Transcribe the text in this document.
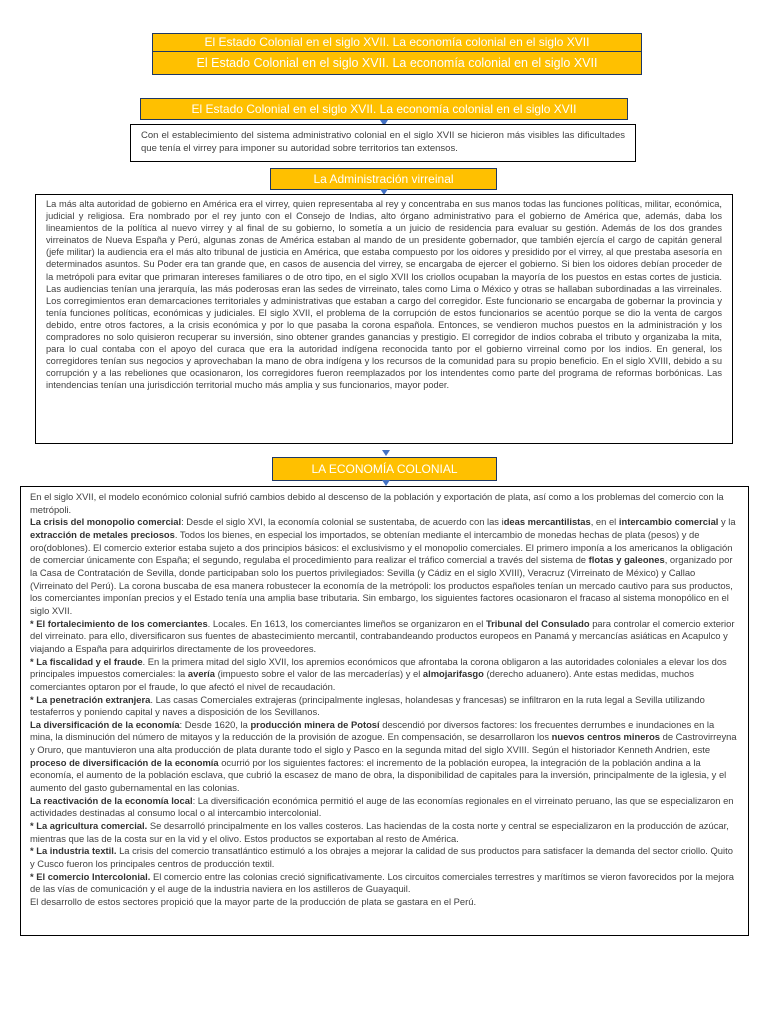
El Estado Colonial en el siglo XVII. La economía colonial en el siglo XVII
El Estado Colonial en el siglo XVII. La economía colonial en el siglo XVII
El Estado Colonial en el siglo XVII. La economía colonial en el siglo XVII

Con el establecimiento del sistema administrativo colonial en el siglo XVII se hicieron más visibles las dificultades que tenía el virrey para imponer su autoridad sobre territorios tan extensos.

La Administración virreinal

La más alta autoridad de gobierno en América era el virrey, quien representaba al rey y concentraba en sus manos todas las funciones políticas, militar, económica, judicial y religiosa. Era nombrado por el rey junto con el Consejo de Indias, alto órgano administrativo para el gobierno de América que, además, daba los lineamientos de la política al nuevo virrey y al final de su gobierno, lo sometía a un juicio de residencia para evaluar su gestión. Además de los dos grandes virreinatos de Nueva España y Perú, algunas zonas de América estaban al mando de un presidente gobernador, que también ejercía el cargo de capitán general (jefe militar) la audiencia era el más alto tribunal de justicia en América, que estaba compuesto por los oidores y presidido por el virrey, al que prestaba asesoría en determinados asuntos. Su Poder era tan grande que, en casos de ausencia del virrey, se encargaba de ejercer el gobierno. Si bien los oidores debían proceder de la metrópoli para evitar que primaran intereses familiares o de otro tipo, en el siglo XVII los criollos ocupaban la mayoría de los puestos en estas cortes de justicia. Las audiencias tenían una jerarquía, las más poderosas eran las sedes de virreinato, tales como Lima o México y otras se hallaban subordinadas a las virreinales. Los corregimientos eran demarcaciones territoriales y administrativas que estaban a cargo del corregidor. Este funcionario se encargaba de gobernar la provincia y tenía funciones políticas, económicas y judiciales. El siglo XVII, el problema de la corrupción de estos funcionarios se acentúo porque se dio la venta de cargos debido, entre otros factores, a la crisis económica y por lo que pasaba la corona española. Entonces, se vendieron muchos puestos en la administración y los compradores no solo quisieron recuperar su inversión, sino obtener grandes ganancias y prestigio. El corregidor de indios cobraba el tributo y organizaba la mita, para lo cual contaba con el apoyo del curaca que era la autoridad indígena reconocida tanto por el gobierno virreinal como por los indios. En general, los corregidores tenían sus negocios y aprovechaban la mano de obra indígena y los recursos de la comunidad para su propio beneficio. En el siglo XVIII, debido a su corrupción y a las rebeliones que ocasionaron, los corregidores fueron reemplazados por los intendentes como parte del programa de reformas borbónicas. Las intendencias tenían una jurisdicción territorial mucho más amplia y sus funcionarios, mayor poder.

LA ECONOMÍA COLONIAL

En el siglo XVII, el modelo económico colonial sufrió cambios debido al descenso de la población y exportación de plata, así como a los problemas del comercio con la metrópoli.

La crisis del monopolio comercial: Desde el siglo XVI, la economía colonial se sustentaba, de acuerdo con las ideas mercantilistas, en el intercambio comercial y la extracción de metales preciosos. Todos los bienes, en especial los importados, se obtenían mediante el intercambio de monedas hechas de plata (pesos) y de oro(doblones). El comercio exterior estaba sujeto a dos principios básicos: el exclusivismo y el monopolio comerciales. El primero imponía a los americanos la obligación de comerciar únicamente con España; el segundo, regulaba el procedimiento para realizar el tráfico comercial a través del sistema de flotas y galeones, organizado por la Casa de Contratación de Sevilla, donde participaban solo los puertos privilegiados: Sevilla (y Cádiz en el siglo XVIII), Veracruz (Virreinato de México) y Callao (Virreinato del Perú). La corona buscaba de esa manera robustecer la economía de la metrópoli: los productos españoles tenían un mercado cautivo para sus productos, los comerciantes imponían precios y el Estado tenía una amplia base tributaria. Sin embargo, los siguientes factores ocasionaron el fracaso al sistema monopólico en el siglo XVII.

* El fortalecimiento de los comerciantes. Locales. En 1613, los comerciantes limeños se organizaron en el Tribunal del Consulado para controlar el comercio exterior del virreinato. para ello, diversificaron sus fuentes de abastecimiento mercantil, contrabandeando productos europeos en Panamá y mercancías asiáticas en Acapulco y viajando a España para adquirirlos directamente de los proveedores.

* La fiscalidad y el fraude. En la primera mitad del siglo XVII, los apremios económicos que afrontaba la corona obligaron a las autoridades coloniales a elevar los dos principales impuestos comerciales: la avería (impuesto sobre el valor de las mercaderías) y el almojarifasgo (derecho aduanero). Ante estas medidas, muchos comerciantes optaron por el fraude, lo que afectó el nivel de recaudación.

* La penetración extranjera. Las casas Comerciales extrajeras (principalmente inglesas, holandesas y francesas) se infiltraron en la ruta legal a Sevilla utilizando testaferros y poniendo capital y naves a disposición de los Sevillanos.

La diversificación de la economía: Desde 1620, la producción minera de Potosí descendió por diversos factores: los frecuentes derrumbes e inundaciones en la mina, la disminución del número de mitayos y la reducción de la provisión de azogue. En compensación, se desarrollaron los nuevos centros mineros de Castrovirreyna y Oruro, que mantuvieron una alta producción de plata durante todo el siglo y Pasco en la segunda mitad del siglo XVIII. Según el historiador Kenneth Andrien, este proceso de diversificación de la economía ocurrió por los siguientes factores: el incremento de la población europea, la integración de la población andina a la economía, el aumento de la población esclava, que cubrió la escasez de mano de obra, la disponibilidad de capitales para la inversión, principalmente de la iglesia, y el aumento del gasto gubernamental en las colonias.

La reactivación de la economía local: La diversificación económica permitió el auge de las economías regionales en el virreinato peruano, las que se especializaron en actividades destinadas al consumo local o al intercambio intercolonial.

* La agricultura comercial. Se desarrolló principalmente en los valles costeros. Las haciendas de la costa norte y central se especializaron en la producción de azúcar, mientras que las de la costa sur en la vid y el olivo. Estos productos se exportaban al resto de América.

* La industria textil. La crisis del comercio transatlántico estimuló a los obrajes a mejorar la calidad de sus productos para satisfacer la demanda del sector criollo. Quito y Cusco fueron los principales centros de producción textil.

* El comercio Intercolonial. El comercio entre las colonias creció significativamente. Los circuitos comerciales terrestres y marítimos se vieron favorecidos por la mejora de las vías de comunicación y el auge de la industria naviera en los astilleros de Guayaquil.

El desarrollo de estos sectores propició que la mayor parte de la producción de plata se gastara en el Perú.
